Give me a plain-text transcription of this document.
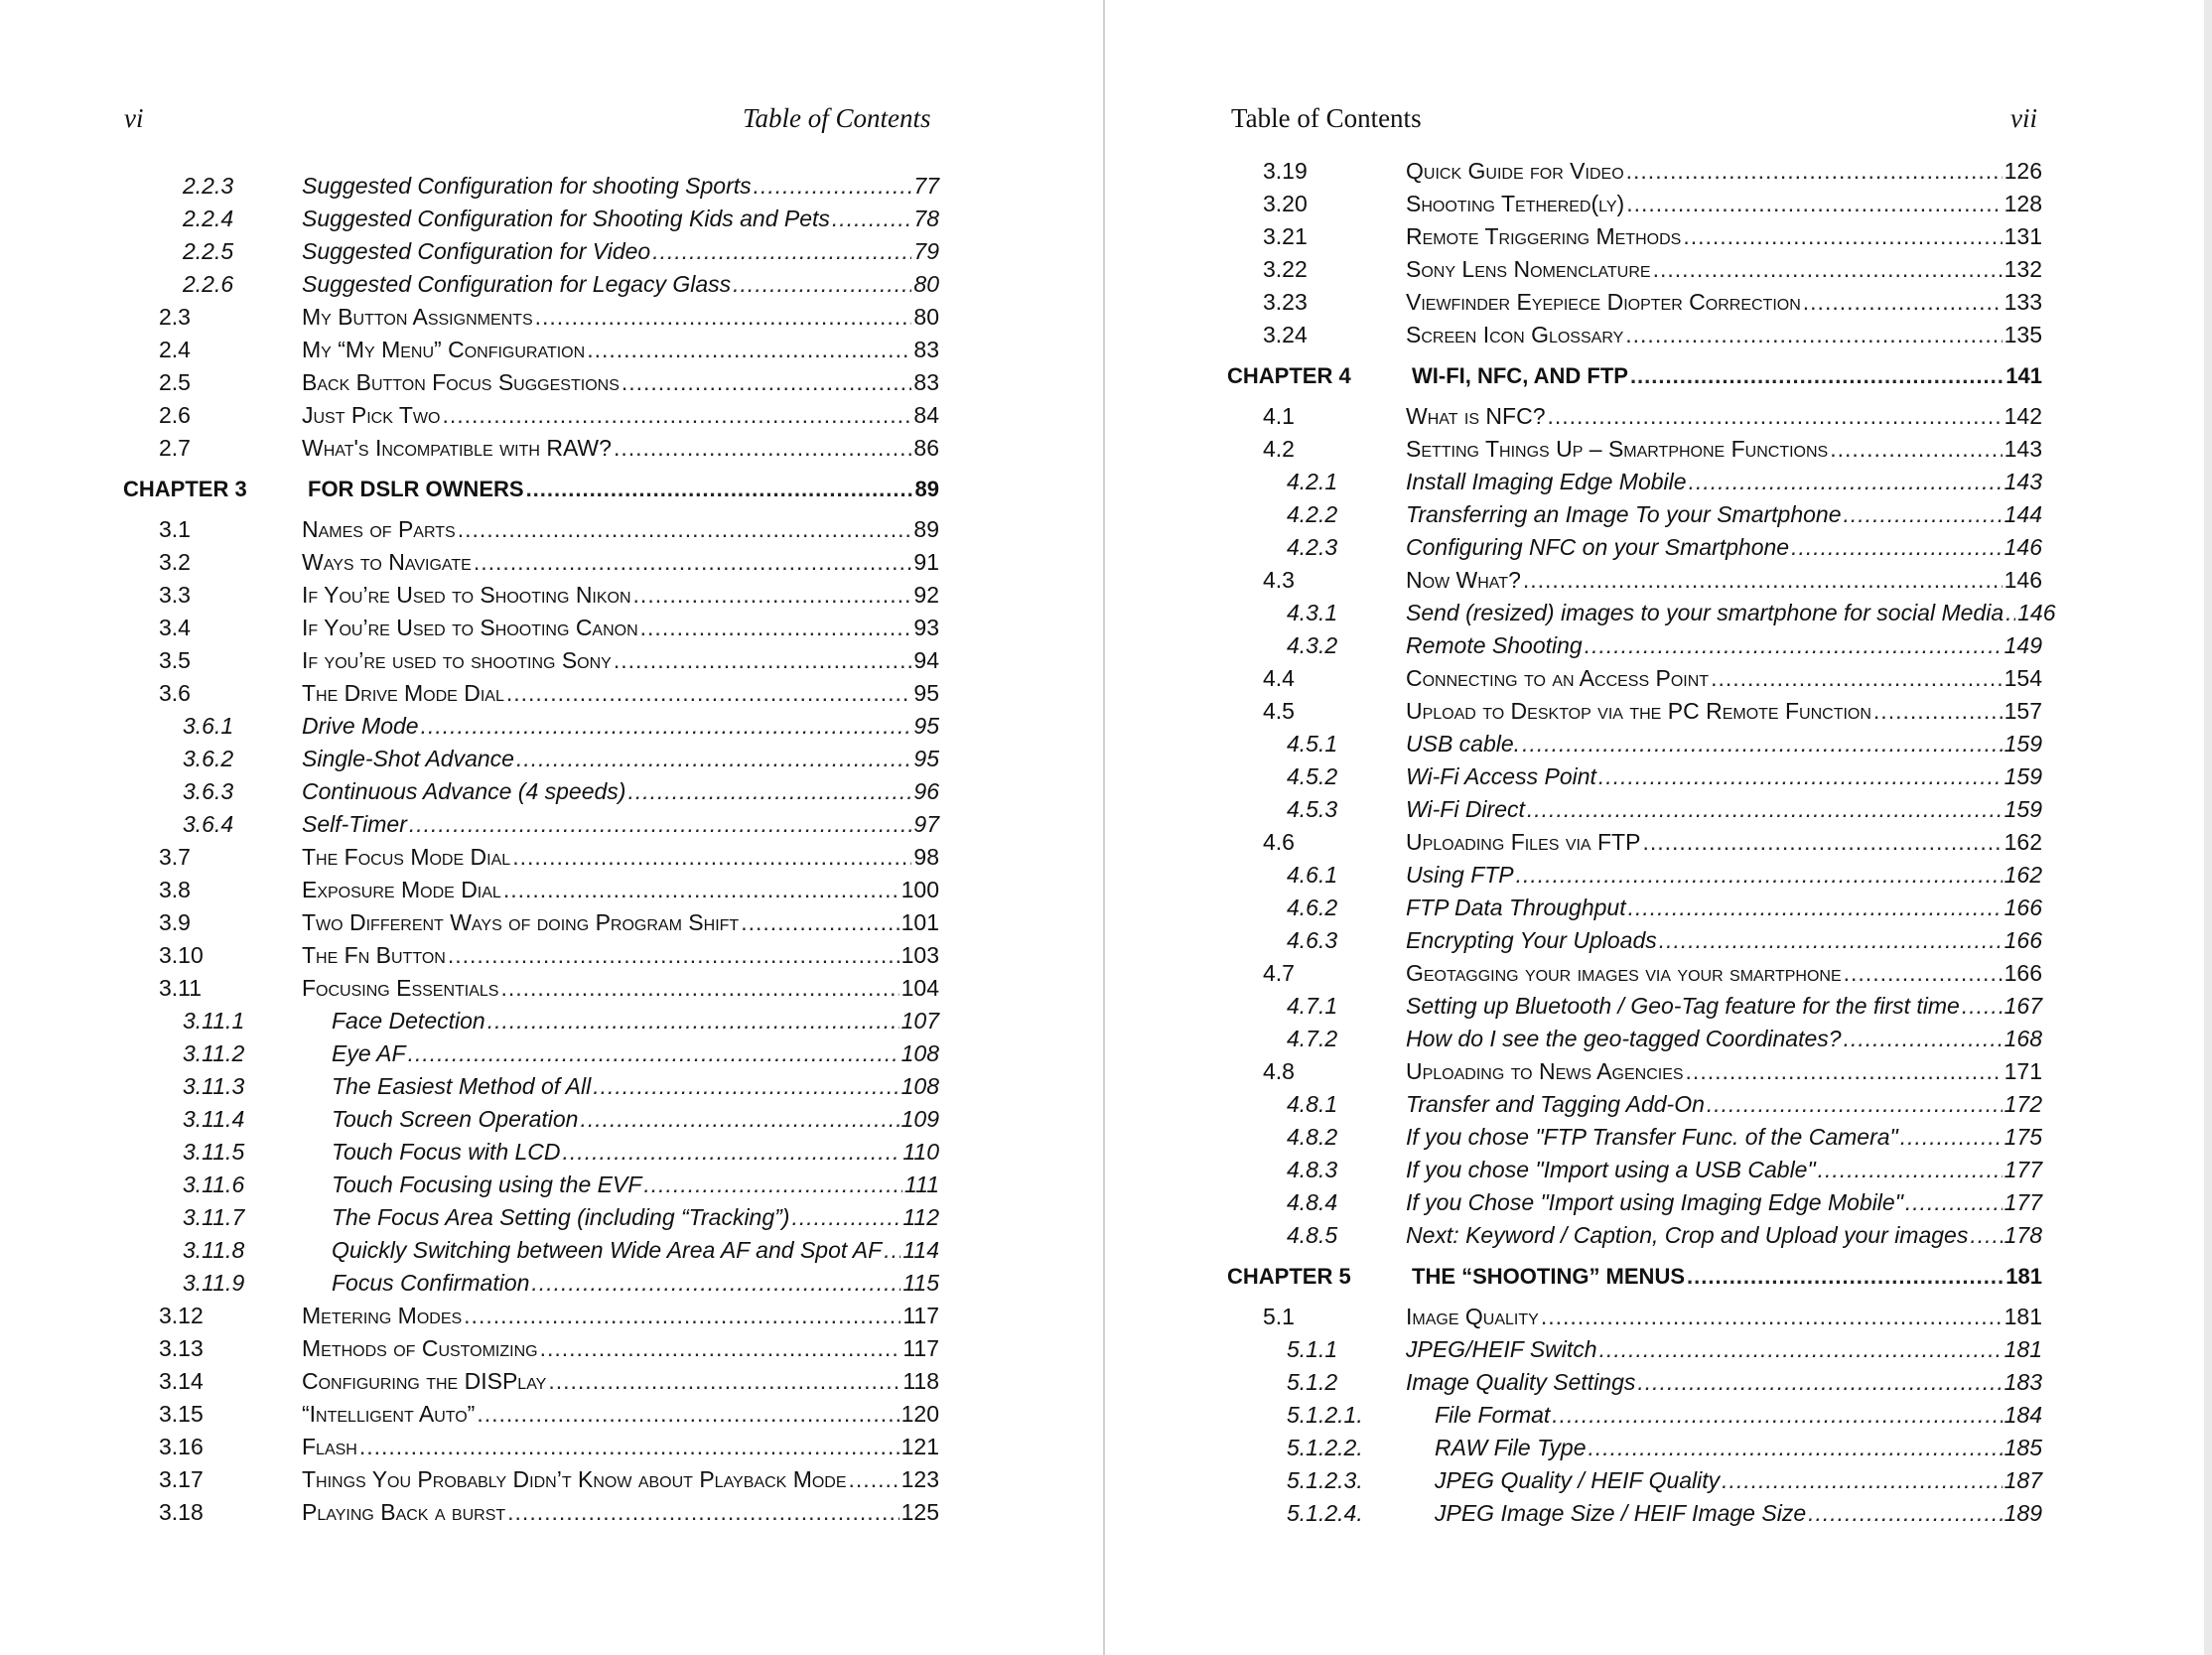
vi	Table of Contents
2.2.3	Suggested Configuration for shooting Sports .....	77
2.2.4	Suggested Configuration for Shooting Kids and Pets .....	78
2.2.5	Suggested Configuration for Video .....	79
2.2.6	Suggested Configuration for Legacy Glass .....	80
2.3	My Button Assignments .....	80
2.4	My “My Menu” Configuration .....	83
2.5	Back Button Focus Suggestions .....	83
2.6	Just Pick Two .....	84
2.7	What's Incompatible with RAW? .....	86
CHAPTER 3	FOR DSLR OWNERS .....	89
3.1	Names of Parts .....	89
3.2	Ways to Navigate .....	91
3.3	If You’re Used to Shooting Nikon .....	92
3.4	If You’re Used to Shooting Canon .....	93
3.5	If you’re used to shooting Sony .....	94
3.6	The Drive Mode Dial .....	95
3.6.1	Drive Mode .....	95
3.6.2	Single-Shot Advance .....	95
3.6.3	Continuous Advance (4 speeds) .....	96
3.6.4	Self-Timer .....	97
3.7	The Focus Mode Dial .....	98
3.8	Exposure Mode Dial .....	100
3.9	Two Different Ways of doing Program Shift .....	101
3.10	The Fn Button .....	103
3.11	Focusing Essentials .....	104
3.11.1	Face Detection .....	107
3.11.2	Eye AF .....	108
3.11.3	The Easiest Method of All .....	108
3.11.4	Touch Screen Operation .....	109
3.11.5	Touch Focus with LCD .....	110
3.11.6	Touch Focusing using the EVF .....	111
3.11.7	The Focus Area Setting (including “Tracking”) .....	112
3.11.8	Quickly Switching between Wide Area AF and Spot AF ..... 114
3.11.9	Focus Confirmation .....	115
3.12	Metering Modes .....	117
3.13	Methods of Customizing .....	117
3.14	Configuring the DISPlay .....	118
3.15	“Intelligent Auto” .....	120
3.16	Flash .....	121
3.17	Things You Probably Didn’t Know about Playback Mode ..... 123
3.18	Playing Back a burst .....	125
Table of Contents	vii
3.19	Quick Guide for Video .....	126
3.20	Shooting Tethered(ly) .....	128
3.21	Remote Triggering Methods .....	131
3.22	Sony Lens Nomenclature .....	132
3.23	Viewfinder Eyepiece Diopter Correction .....	133
3.24	Screen Icon Glossary .....	135
CHAPTER 4	WI-FI, NFC, AND FTP .....	141
4.1	What is NFC? .....	142
4.2	Setting Things Up – Smartphone Functions .....	143
4.2.1	Install Imaging Edge Mobile .....	143
4.2.2	Transferring an Image To your Smartphone .....	144
4.2.3	Configuring NFC on your Smartphone .....	146
4.3	Now What? .....	146
4.3.1	Send (resized) images to your smartphone for social Media ..... 146
4.3.2	Remote Shooting .....	149
4.4	Connecting to an Access Point .....	154
4.5	Upload to Desktop via the PC Remote Function .....	157
4.5.1	USB cable. .....	159
4.5.2	Wi-Fi Access Point .....	159
4.5.3	Wi-Fi Direct .....	159
4.6	Uploading Files via FTP .....	162
4.6.1	Using FTP .....	162
4.6.2	FTP Data Throughput .....	166
4.6.3	Encrypting Your Uploads .....	166
4.7	Geotagging your images via your smartphone .....	166
4.7.1	Setting up Bluetooth / Geo-Tag feature for the first time ..... 167
4.7.2	How do I see the geo-tagged Coordinates? .....	168
4.8	Uploading to News Agencies .....	171
4.8.1	Transfer and Tagging Add-On .....	172
4.8.2	If you chose "FTP Transfer Func. of the Camera" .....	175
4.8.3	If you chose "Import using a USB Cable" .....	177
4.8.4	If you Chose "Import using Imaging Edge Mobile" .....	177
4.8.5	Next: Keyword / Caption, Crop and Upload your images ..... 178
CHAPTER 5	THE “SHOOTING” MENUS .....	181
5.1	Image Quality .....	181
5.1.1	JPEG/HEIF Switch .....	181
5.1.2	Image Quality Settings .....	183
5.1.2.1.	File Format .....	184
5.1.2.2.	RAW File Type .....	185
5.1.2.3.	JPEG Quality / HEIF Quality .....	187
5.1.2.4.	JPEG Image Size / HEIF Image Size .....	189
